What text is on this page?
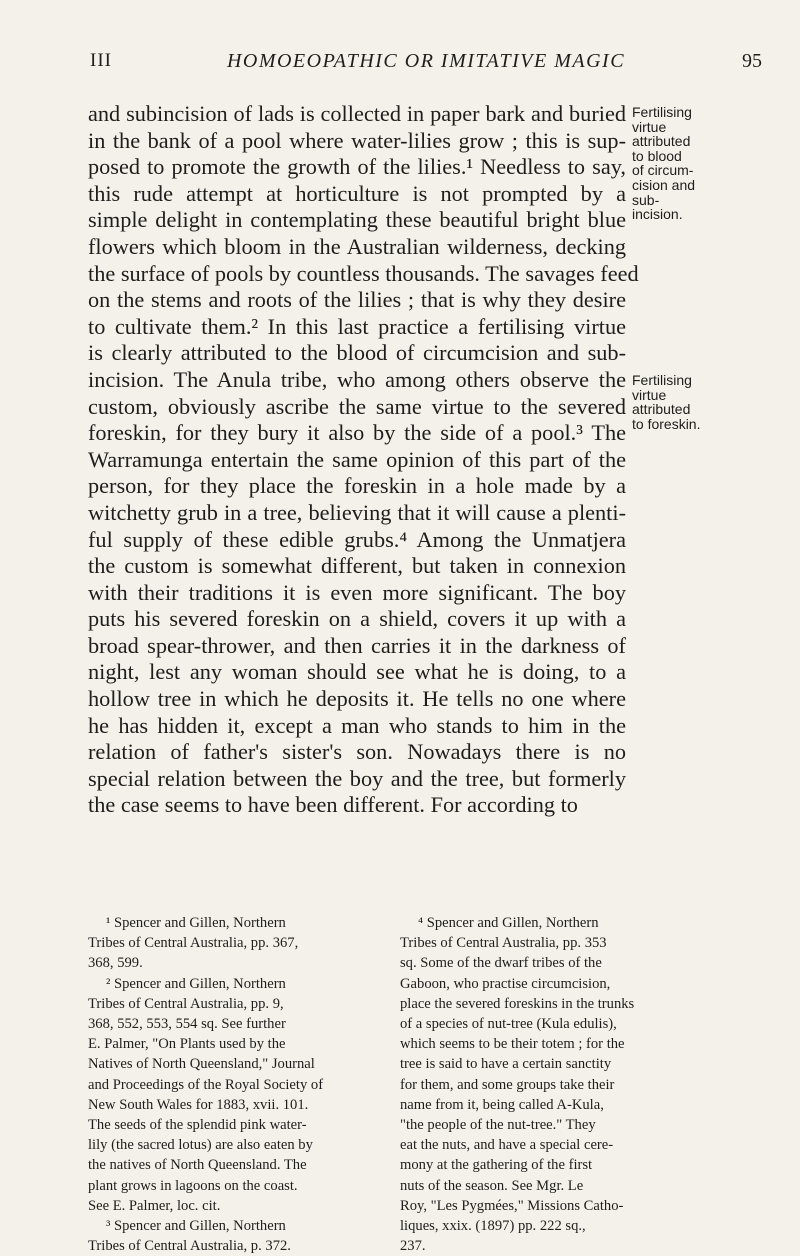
III	HOMOEOPATHIC OR IMITATIVE MAGIC	95
and subincision of lads is collected in paper bark and buried
in the bank of a pool where water-lilies grow ; this is sup-
posed to promote the growth of the lilies.¹ Needless to say,
this rude attempt at horticulture is not prompted by a
simple delight in contemplating these beautiful bright blue
flowers which bloom in the Australian wilderness, decking
the surface of pools by countless thousands. The savages feed
on the stems and roots of the lilies ; that is why they desire
to cultivate them.² In this last practice a fertilising virtue
is clearly attributed to the blood of circumcision and sub-
incision. The Anula tribe, who among others observe the
custom, obviously ascribe the same virtue to the severed
foreskin, for they bury it also by the side of a pool.³ The
Warramunga entertain the same opinion of this part of the
person, for they place the foreskin in a hole made by a
witchetty grub in a tree, believing that it will cause a plenti-
ful supply of these edible grubs.⁴ Among the Unmatjera
the custom is somewhat different, but taken in connexion
with their traditions it is even more significant. The boy
puts his severed foreskin on a shield, covers it up with a
broad spear-thrower, and then carries it in the darkness of
night, lest any woman should see what he is doing, to a
hollow tree in which he deposits it. He tells no one where
he has hidden it, except a man who stands to him in the
relation of father's sister's son. Nowadays there is no
special relation between the boy and the tree, but formerly
the case seems to have been different. For according to
Fertilising
virtue
attributed
to blood
of circum-
cision and
sub-
incision.
Fertilising
virtue
attributed
to foreskin.
¹ Spencer and Gillen, Northern
Tribes of Central Australia, pp. 367,
368, 599.
² Spencer and Gillen, Northern
Tribes of Central Australia, pp. 9,
368, 552, 553, 554 sq. See further
E. Palmer, "On Plants used by the
Natives of North Queensland," Journal
and Proceedings of the Royal Society of
New South Wales for 1883, xvii. 101.
The seeds of the splendid pink water-
lily (the sacred lotus) are also eaten by
the natives of North Queensland. The
plant grows in lagoons on the coast.
See E. Palmer, loc. cit.
³ Spencer and Gillen, Northern
Tribes of Central Australia, p. 372.
⁴ Spencer and Gillen, Northern
Tribes of Central Australia, pp. 353
sq. Some of the dwarf tribes of the
Gaboon, who practise circumcision,
place the severed foreskins in the trunks
of a species of nut-tree (Kula edulis),
which seems to be their totem ; for the
tree is said to have a certain sanctity
for them, and some groups take their
name from it, being called A-Kula,
"the people of the nut-tree." They
eat the nuts, and have a special cere-
mony at the gathering of the first
nuts of the season. See Mgr. Le
Roy, "Les Pygmées," Missions Catho-
liques, xxix. (1897) pp. 222 sq.,
237.
